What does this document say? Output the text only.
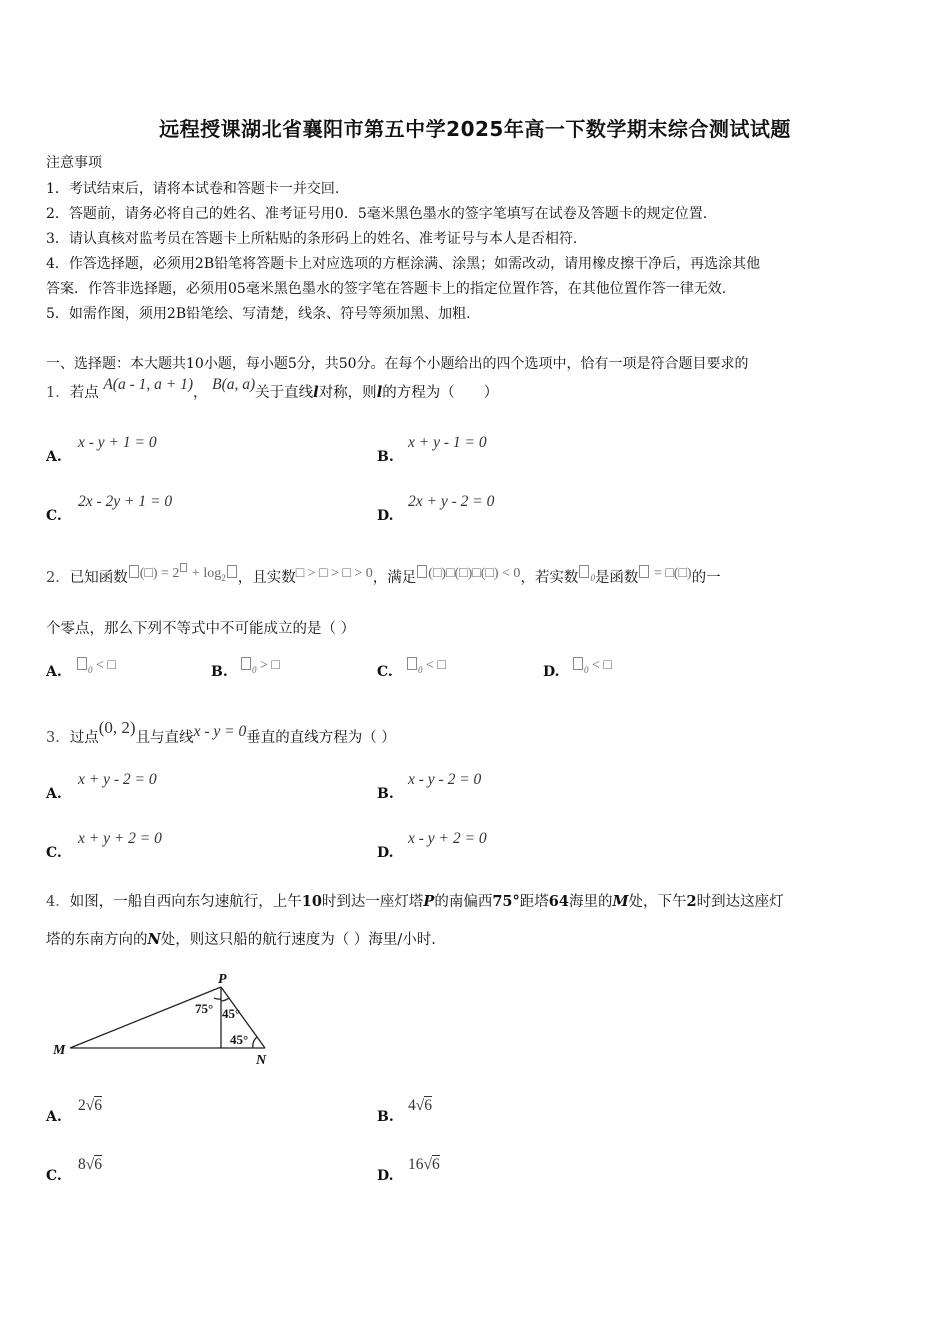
远程授课湖北省襄阳市第五中学2025年高一下数学期末综合测试试题
注意事项
1．考试结束后，请将本试卷和答题卡一并交回.
2．答题前，请务必将自己的姓名、准考证号用0．5毫米黑色墨水的签字笔填写在试卷及答题卡的规定位置.
3．请认真核对监考员在答题卡上所粘贴的条形码上的姓名、准考证号与本人是否相符.
4．作答选择题，必须用2B铅笔将答题卡上对应选项的方框涂满、涂黑；如需改动，请用橡皮擦干净后，再选涂其他
答案．作答非选择题，必须用05毫米黑色墨水的签字笔在答题卡上的指定位置作答，在其他位置作答一律无效.
5．如需作图，须用2B铅笔绘、写清楚，线条、符号等须加黑、加粗.
一、选择题：本大题共10小题，每小题5分，共50分。在每个小题给出的四个选项中，恰有一项是符合题目要求的
1．若点 A(a - 1, a + 1)， B(a, a)关于直线l对称，则l的方程为（　　）
A.
x - y + 1 = 0
B.
x + y - 1 = 0
C.
2x - 2y + 1 = 0
D.
2x + y - 2 = 0
2．已知函数 (□) = $2 + \log_2$ ，且实数□ > □ > □ > 0，满足 (□)□(□)□(□) < 0，若实数 $_0$是函数 = □(□)的一
个零点，那么下列不等式中不可能成立的是（ ）
A.	$_0$ < □	B.	$_0$ > □	C.	$_0$ < □	D.	$_0$ < □
3．过点(0, 2)且与直线x - y = 0垂直的直线方程为（ ）
A.
x + y - 2 = 0
B.
x - y - 2 = 0
C.
x + y + 2 = 0
D.
x - y + 2 = 0
4．如图，一船自西向东匀速航行，上午10时到达一座灯塔P的南偏西75°距塔64海里的M处，下午2时到达这座灯
塔的东南方向的N处，则这只船的航行速度为（ ）海里/小时.
P
M
N
75° 45°
45°
A.
2√6
B.
4√6
C.
8√6
D.
16√6
